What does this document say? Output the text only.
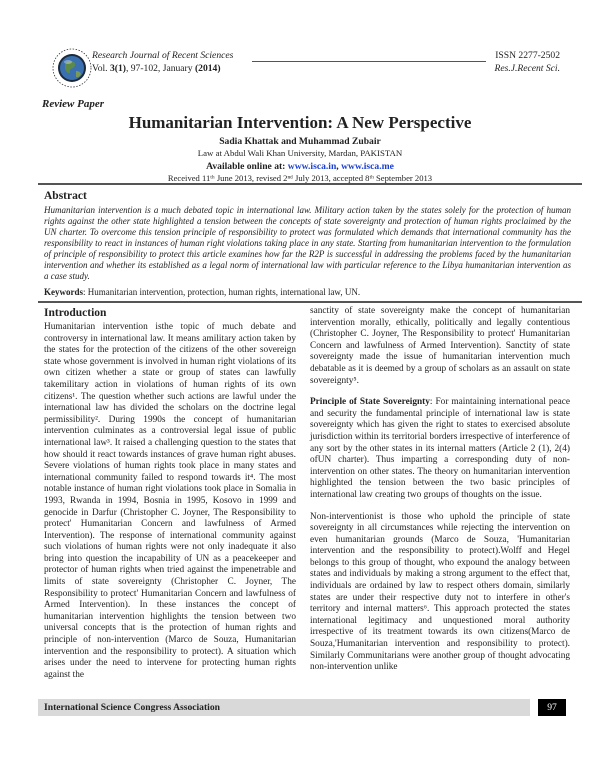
Research Journal of Recent Sciences
Vol. 3(1), 97-102, January (2014)
ISSN 2277-2502
Res.J.Recent Sci.
Review Paper
Humanitarian Intervention: A New Perspective
Sadia Khattak and Muhammad Zubair
Law at Abdul Wali Khan University, Mardan, PAKISTAN
Available online at: www.isca.in, www.isca.me
Received 11ᵗʰ June 2013, revised 2ⁿᵈ July 2013, accepted 8ᵗʰ September 2013
Abstract
Humanitarian intervention is a much debated topic in international law. Military action taken by the states solely for the protection of human rights against the other state highlighted a tension between the concepts of state sovereignty and protection of human rights proclaimed by the UN charter. To overcome this tension principle of responsibility to protect was formulated which demands that international community has the responsibility to react in instances of human right violations taking place in any state. Starting from humanitarian intervention to the formulation of principle of responsibility to protect this article examines how far the R2P is successful in addressing the problems faced by the humanitarian intervention and whether its established as a legal norm of international law with particular reference to the Libya humanitarian intervention as a case study.
Keywords: Humanitarian intervention, protection, human rights, international law, UN.
Introduction

Humanitarian intervention isthe topic of much debate and controversy in international law. It means amilitary action taken by the states for the protection of the citizens of the other sovereign state whose government is involved in human right violations of its own citizen whether a state or group of states can lawfully takemilitary action in violations of human rights of its own citizens¹. The question whether such actions are lawful under the international law has divided the scholars on the doctrine legal permissibility². During 1990s the concept of humanitarian intervention culminates as a controversial legal issue of public international law³. It raised a challenging question to the states that how should it react towards instances of grave human right abuses. Severe violations of human rights took place in many states and international community failed to respond towards it⁴. The most notable instance of human right violations took place in Somalia in 1993, Rwanda in 1994, Bosnia in 1995, Kosovo in 1999 and genocide in Darfur (Christopher C. Joyner, The Responsibility to protect' Humanitarian Concern and lawfulness of Armed Intervention). The response of international community against such violations of human rights were not only inadequate it also bring into question the incapability of UN as a peacekeeper and protector of human rights when tried against the impenetrable and limits of state sovereignty (Christopher C. Joyner, The Responsibility to protect' Humanitarian Concern and lawfulness of Armed Intervention). In these instances the concept of humanitarian intervention highlights the tension between two universal concepts that is the protection of human rights and principle of non-intervention (Marco de Souza, Humanitarian intervention and the responsibility to protect). A situation which arises under the need to intervene for protecting human rights against the

sanctity of state sovereignty make the concept of humanitarian intervention morally, ethically, politically and legally contentious (Christopher C. Joyner, The Responsibility to protect' Humanitarian Concern and lawfulness of Armed Intervention). Sanctity of state sovereignty made the issue of humanitarian intervention much debatable as it is deemed by a group of scholars as an assault on state sovereignty⁵.

Principle of State Sovereignty: For maintaining international peace and security the fundamental principle of international law is state sovereignty which has given the right to states to exercised absolute jurisdiction within its territorial borders irrespective of interference of any sort by the other states in its internal matters (Article 2 (1), 2(4) ofUN charter). Thus imparting a corresponding duty of non- intervention on other states. The theory on humanitarian intervention highlighted the tension between the two basic principles of international law creating two groups of thoughts on the issue.

Non-interventionist is those who uphold the principle of state sovereignty in all circumstances while rejecting the intervention on even humanitarian grounds (Marco de Souza, 'Humanitarian intervention and the responsibility to protect).Wolff and Hegel belongs to this group of thought, who expound the analogy between states and individuals by making a strong argument to the effect that, individuals are ordained by law to respect others domain, similarly states are under their respective duty not to interfere in other's territory and internal matters⁶. This approach protected the states international legitimacy and unquestioned moral authority irrespective of its treatment towards its own citizens(Marco de Souza,'Humanitarian intervention and responsibility to protect). Similarly Communitarians were another group of thought advocating non-intervention unlike

International Science Congress Association	97
